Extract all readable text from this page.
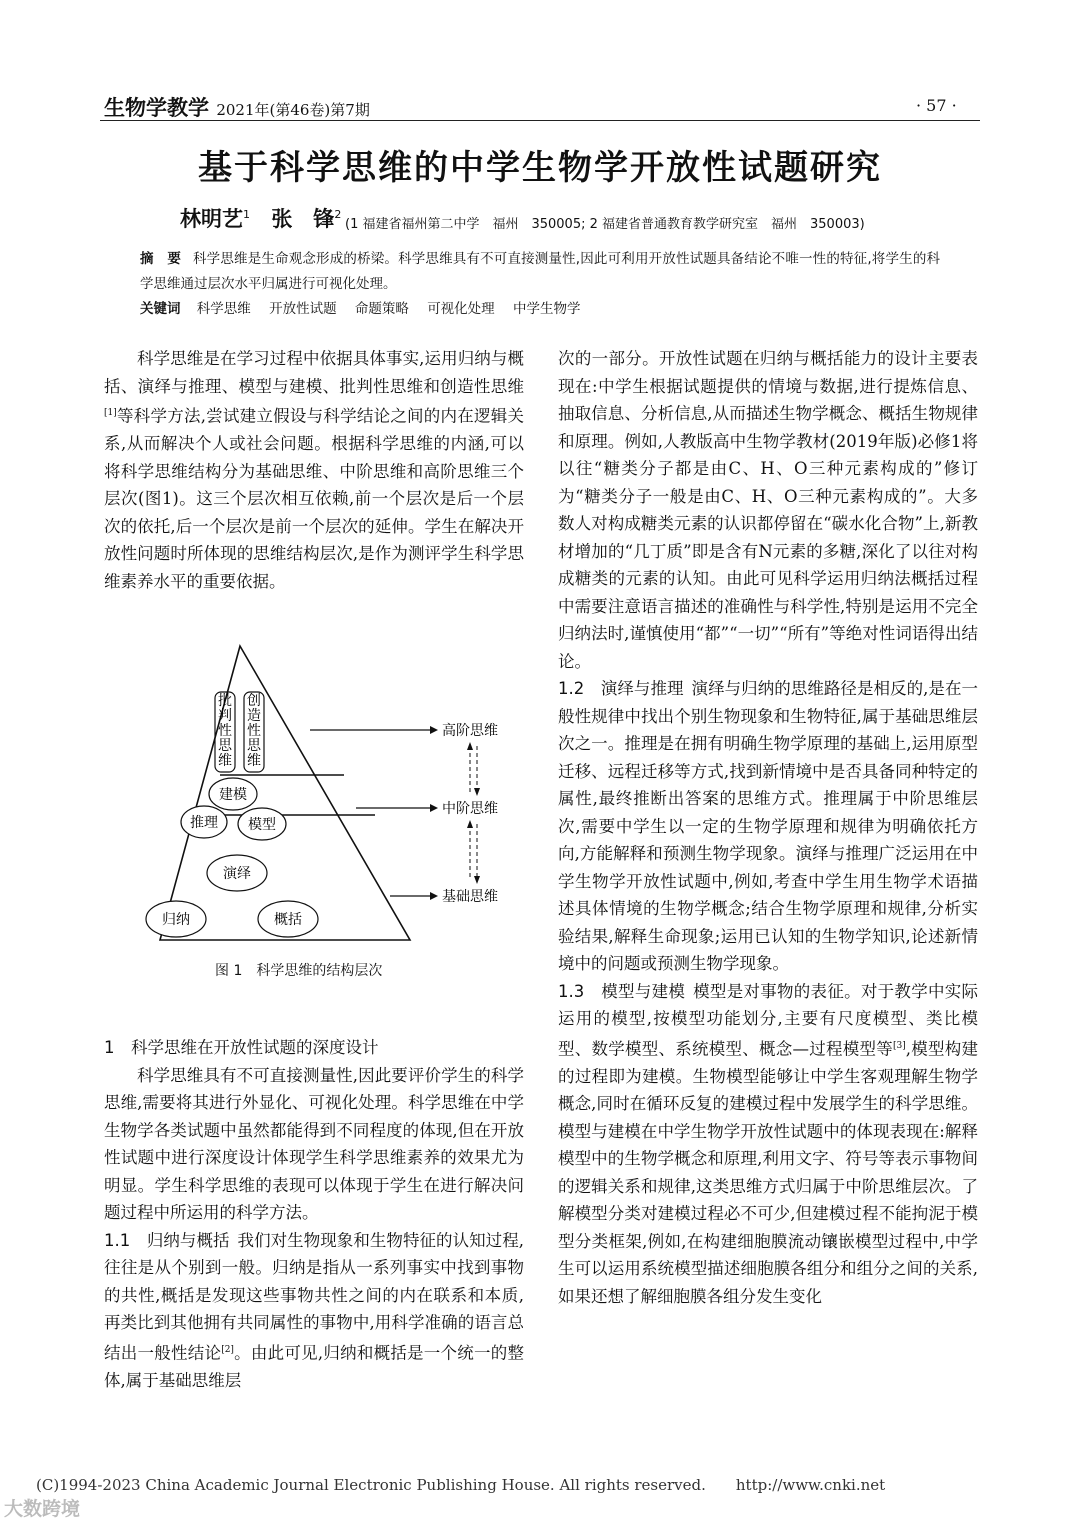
生物学教学 2021年(第46卷)第7期	· 57 ·
基于科学思维的中学生物学开放性试题研究
林明艺$^1$ 张　锋$^2$
(1 福建省福州第二中学　福州　350005; 2 福建省普通教育教学研究室　福州　350003)
摘　要 科学思维是生命观念形成的桥梁。科学思维具有不可直接测量性,因此可利用开放性试题具备结论不唯一性的特征,将学生的科学思维通过层次水平归属进行可视化处理。
关键词 科学思维 开放性试题 命题策略 可视化处理 中学生物学

科学思维是在学习过程中依据具体事实,运用归纳与概括、演绎与推理、模型与建模、批判性思维和创造性思维[1]等科学方法,尝试建立假设与科学结论之间的内在逻辑关系,从而解决个人或社会问题。根据科学思维的内涵,可以将科学思维结构分为基础思维、中阶思维和高阶思维三个层次(图1)。这三个层次相互依赖,前一个层次是后一个层次的依托,后一个层次是前一个层次的延伸。学生在解决开放性问题时所体现的思维结构层次,是作为测评学生科学思维素养水平的重要依据。

批判性思维
创造性思维
建模
推理 模型
演绎
归纳	概括
高阶思维
中阶思维
基础思维
图 1　科学思维的结构层次

1　科学思维在开放性试题的深度设计

科学思维具有不可直接测量性,因此要评价学生的科学思维,需要将其进行外显化、可视化处理。科学思维在中学生物学各类试题中虽然都能得到不同程度的体现,但在开放性试题中进行深度设计体现学生科学思维素养的效果尤为明显。学生科学思维的表现可以体现于学生在进行解决问题过程中所运用的科学方法。

1.1　归纳与概括 我们对生物现象和生物特征的认知过程,往往是从个别到一般。归纳是指从一系列事实中找到事物的共性,概括是发现这些事物共性之间的内在联系和本质,再类比到其他拥有共同属性的事物中,用科学准确的语言总结出一般性结论[2]。由此可见,归纳和概括是一个统一的整体,属于基础思维层

次的一部分。开放性试题在归纳与概括能力的设计主要表现在:中学生根据试题提供的情境与数据,进行提炼信息、抽取信息、分析信息,从而描述生物学概念、概括生物规律和原理。例如,人教版高中生物学教材(2019年版)必修1将以往“糖类分子都是由C、H、O三种元素构成的”修订为“糖类分子一般是由C、H、O三种元素构成的”。大多数人对构成糖类元素的认识都停留在“碳水化合物”上,新教材增加的“几丁质”即是含有N元素的多糖,深化了以往对构成糖类的元素的认知。由此可见科学运用归纳法概括过程中需要注意语言描述的准确性与科学性,特别是运用不完全归纳法时,谨慎使用“都”“一切”“所有”等绝对性词语得出结论。

1.2　演绎与推理 演绎与归纳的思维路径是相反的,是在一般性规律中找出个别生物现象和生物特征,属于基础思维层次之一。推理是在拥有明确生物学原理的基础上,运用原型迁移、远程迁移等方式,找到新情境中是否具备同种特定的属性,最终推断出答案的思维方式。推理属于中阶思维层次,需要中学生以一定的生物学原理和规律为明确依托方向,方能解释和预测生物学现象。演绎与推理广泛运用在中学生物学开放性试题中,例如,考查中学生用生物学术语描述具体情境的生物学概念;结合生物学原理和规律,分析实验结果,解释生命现象;运用已认知的生物学知识,论述新情境中的问题或预测生物学现象。

1.3　模型与建模 模型是对事物的表征。对于教学中实际运用的模型,按模型功能划分,主要有尺度模型、类比模型、数学模型、系统模型、概念—过程模型等[3],模型构建的过程即为建模。生物模型能够让中学生客观理解生物学概念,同时在循环反复的建模过程中发展学生的科学思维。模型与建模在中学生物学开放性试题中的体现表现在:解释模型中的生物学概念和原理,利用文字、符号等表示事物间的逻辑关系和规律,这类思维方式归属于中阶思维层次。了解模型分类对建模过程必不可少,但建模过程不能拘泥于模型分类框架,例如,在构建细胞膜流动镶嵌模型过程中,中学生可以运用系统模型描述细胞膜各组分和组分之间的关系,如果还想了解细胞膜各组分发生变化

(C)1994-2023 China Academic Journal Electronic Publishing House. All rights reserved.　　http://www.cnki.net
大数跨境
